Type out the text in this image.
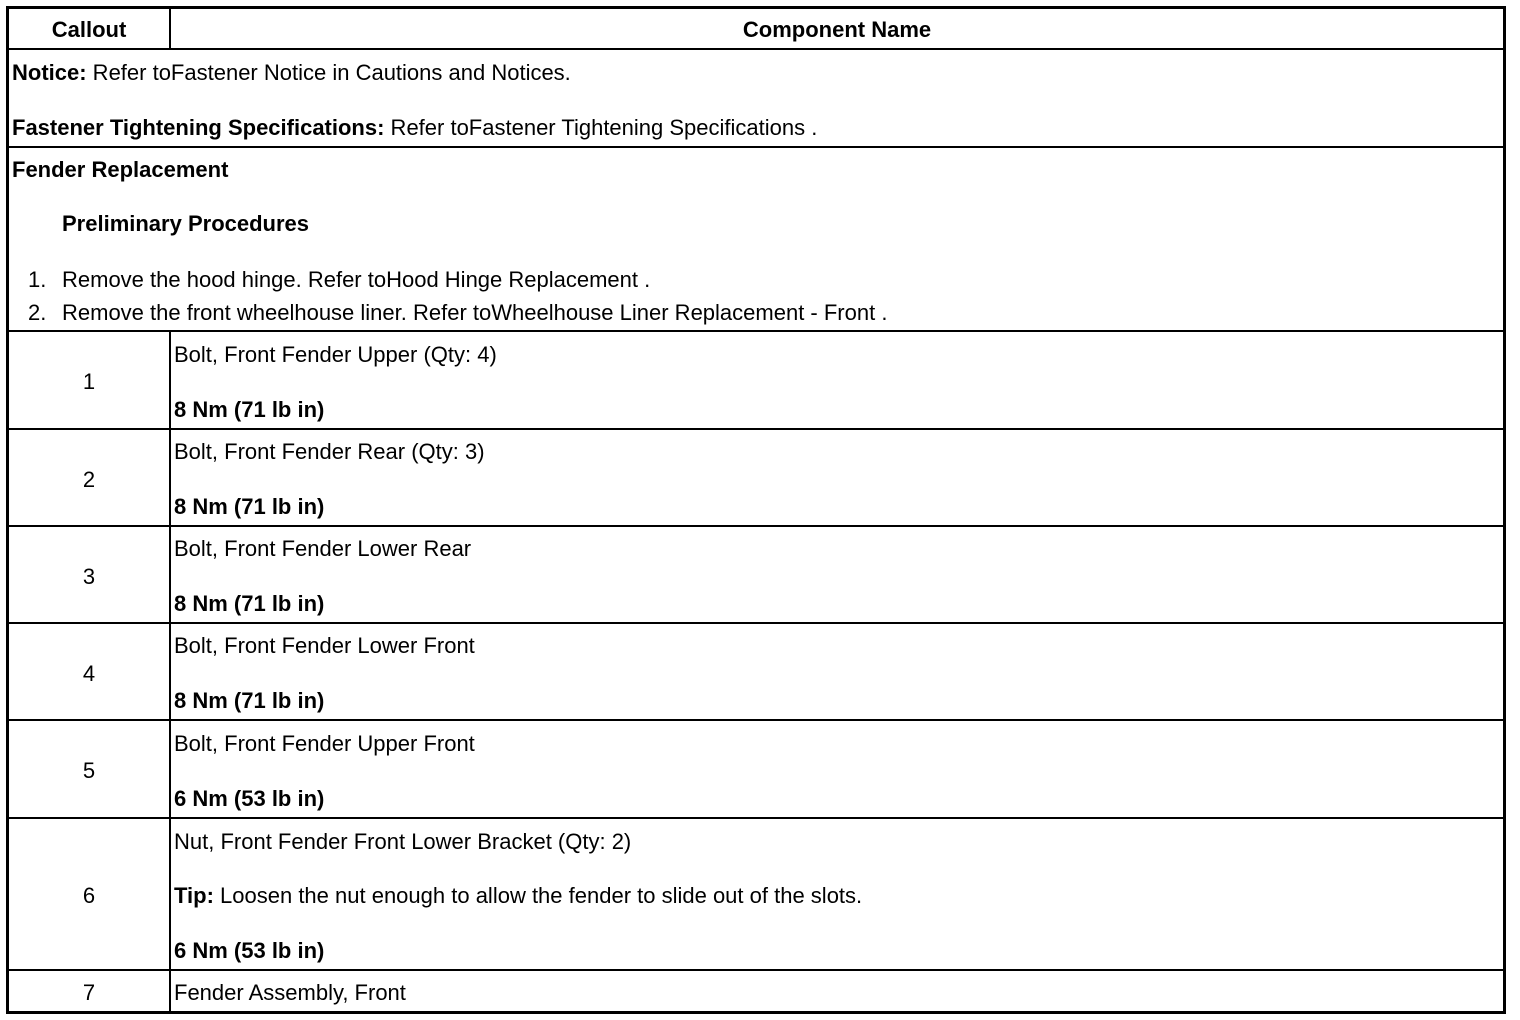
Callout	Component Name
Notice: Refer toFastener Notice in Cautions and Notices.
Fastener Tightening Specifications: Refer toFastener Tightening Specifications .
Fender Replacement
Preliminary Procedures
1. Remove the hood hinge. Refer toHood Hinge Replacement .
2. Remove the front wheelhouse liner. Refer toWheelhouse Liner Replacement - Front .
1
Bolt, Front Fender Upper (Qty: 4)
8 Nm (71 lb in)
2
Bolt, Front Fender Rear (Qty: 3)
8 Nm (71 lb in)
3
Bolt, Front Fender Lower Rear
8 Nm (71 lb in)
4
Bolt, Front Fender Lower Front
8 Nm (71 lb in)
5
Bolt, Front Fender Upper Front
6 Nm (53 lb in)
6
Nut, Front Fender Front Lower Bracket (Qty: 2)
Tip: Loosen the nut enough to allow the fender to slide out of the slots.
6 Nm (53 lb in)
7	Fender Assembly, Front
